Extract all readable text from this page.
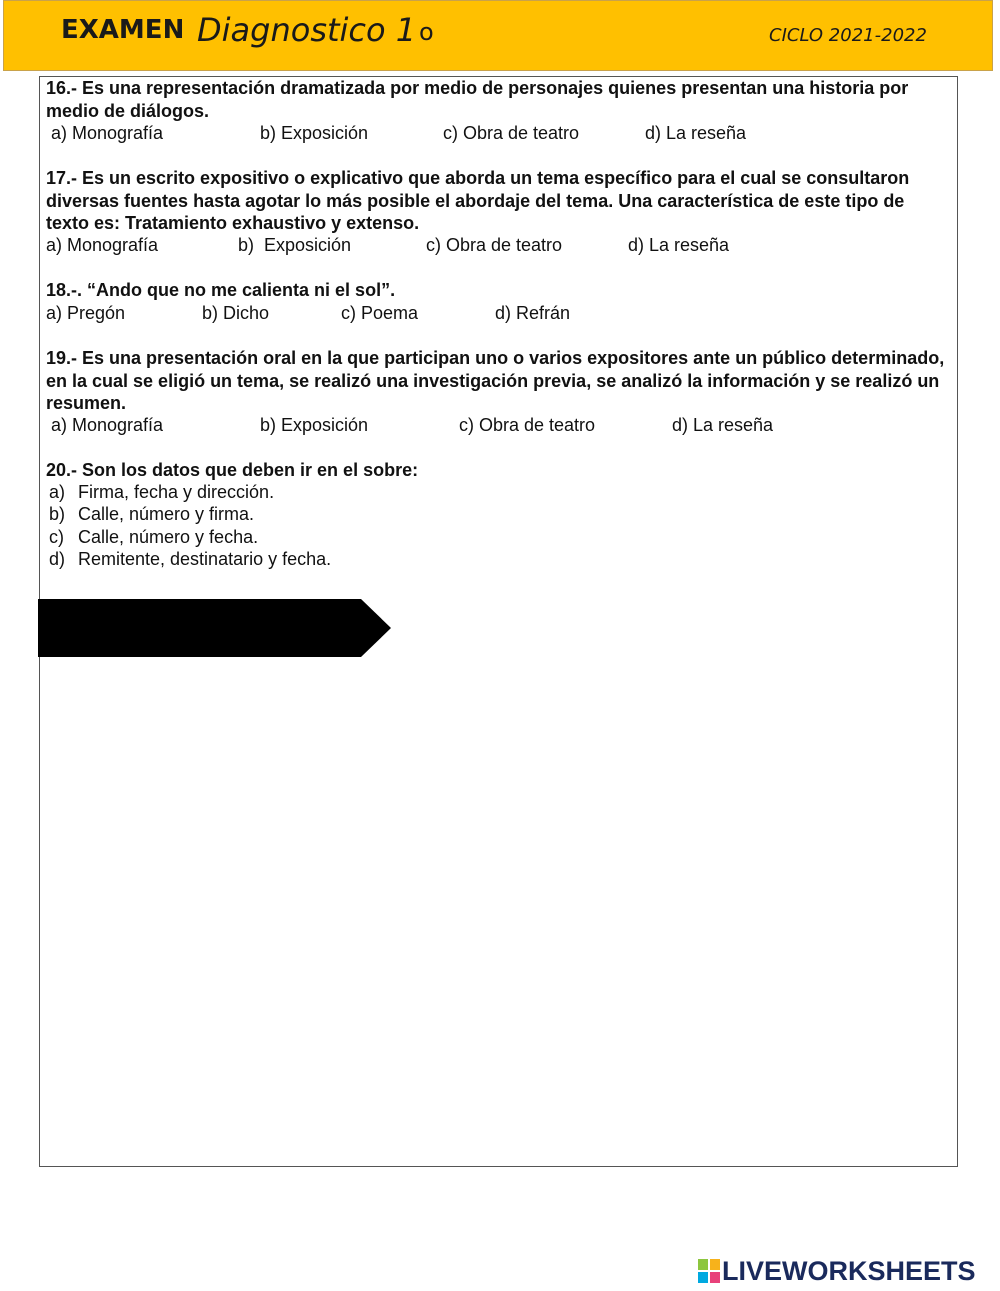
EXAMEN Diagnostico 1 o	CICLO 2021-2022
16.- Es una representación dramatizada por medio de personajes quienes presentan una historia por medio de diálogos.
a) Monografía	b) Exposición	c) Obra de teatro	d) La reseña
17.- Es un escrito expositivo o explicativo que aborda un tema específico para el cual se consultaron diversas fuentes hasta agotar lo más posible el abordaje del tema. Una característica de este tipo de texto es: Tratamiento exhaustivo y extenso.
a) Monografía	b)  Exposición	c) Obra de teatro	d) La reseña
18.-. “Ando que no me calienta ni el sol”.
a) Pregón	b) Dicho	c) Poema	d) Refrán
19.- Es una presentación oral en la que participan uno o varios expositores ante un público determinado, en la cual se eligió un tema, se realizó una investigación previa, se analizó la información y se realizó un resumen.
a) Monografía	b) Exposición	c) Obra de teatro	d) La reseña
20.- Son los datos que deben ir en el sobre:
a) Firma, fecha y dirección.
b) Calle, número y firma.
c) Calle, número y fecha.
d) Remitente, destinatario y fecha.
LIVEWORKSHEETS
